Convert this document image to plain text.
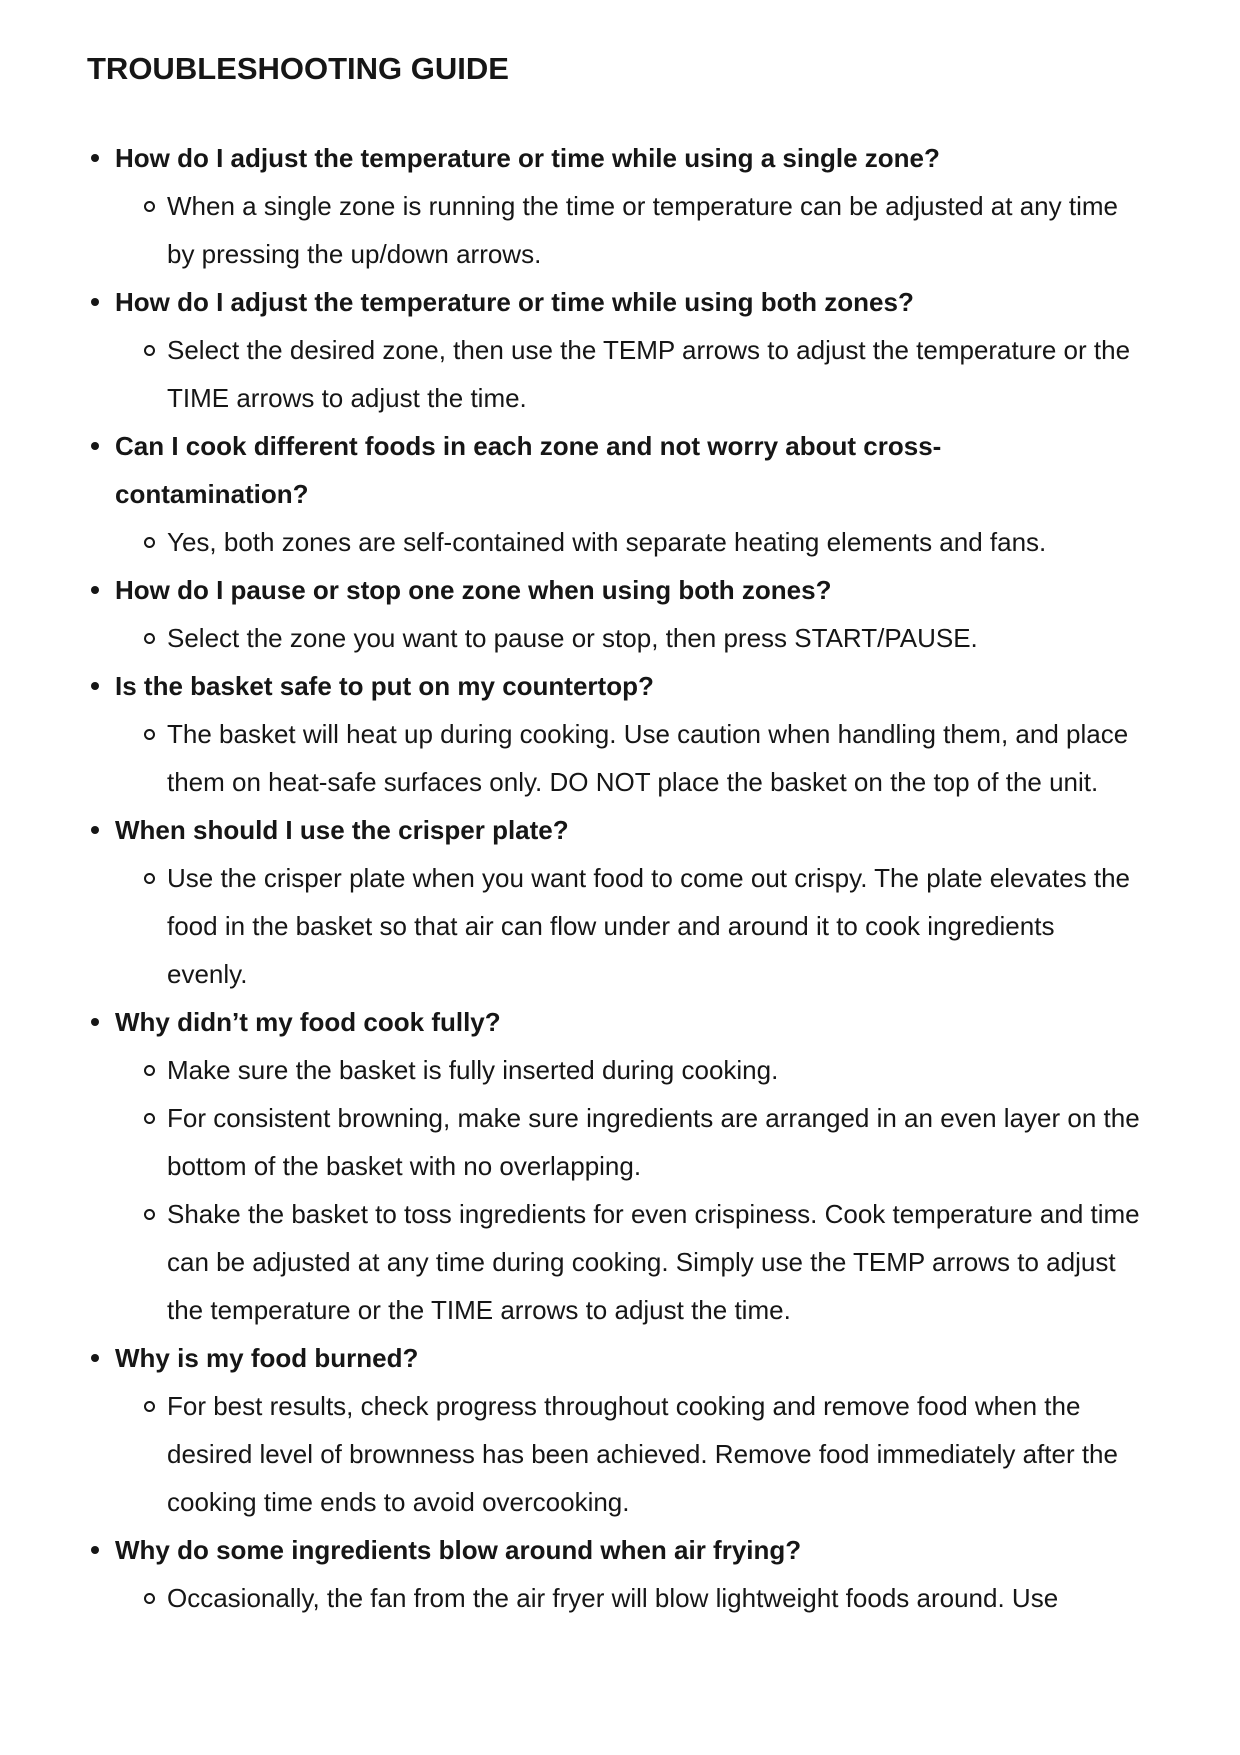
TROUBLESHOOTING GUIDE
How do I adjust the temperature or time while using a single zone?
When a single zone is running the time or temperature can be adjusted at any time by pressing the up/down arrows.
How do I adjust the temperature or time while using both zones?
Select the desired zone, then use the TEMP arrows to adjust the temperature or the TIME arrows to adjust the time.
Can I cook different foods in each zone and not worry about cross-contamination?
Yes, both zones are self-contained with separate heating elements and fans.
How do I pause or stop one zone when using both zones?
Select the zone you want to pause or stop, then press START/PAUSE.
Is the basket safe to put on my countertop?
The basket will heat up during cooking. Use caution when handling them, and place them on heat-safe surfaces only. DO NOT place the basket on the top of the unit.
When should I use the crisper plate?
Use the crisper plate when you want food to come out crispy. The plate elevates the food in the basket so that air can flow under and around it to cook ingredients evenly.
Why didn’t my food cook fully?
Make sure the basket is fully inserted during cooking.
For consistent browning, make sure ingredients are arranged in an even layer on the bottom of the basket with no overlapping.
Shake the basket to toss ingredients for even crispiness. Cook temperature and time can be adjusted at any time during cooking. Simply use the TEMP arrows to adjust the temperature or the TIME arrows to adjust the time.
Why is my food burned?
For best results, check progress throughout cooking and remove food when the desired level of brownness has been achieved. Remove food immediately after the cooking time ends to avoid overcooking.
Why do some ingredients blow around when air frying?
Occasionally, the fan from the air fryer will blow lightweight foods around. Use
